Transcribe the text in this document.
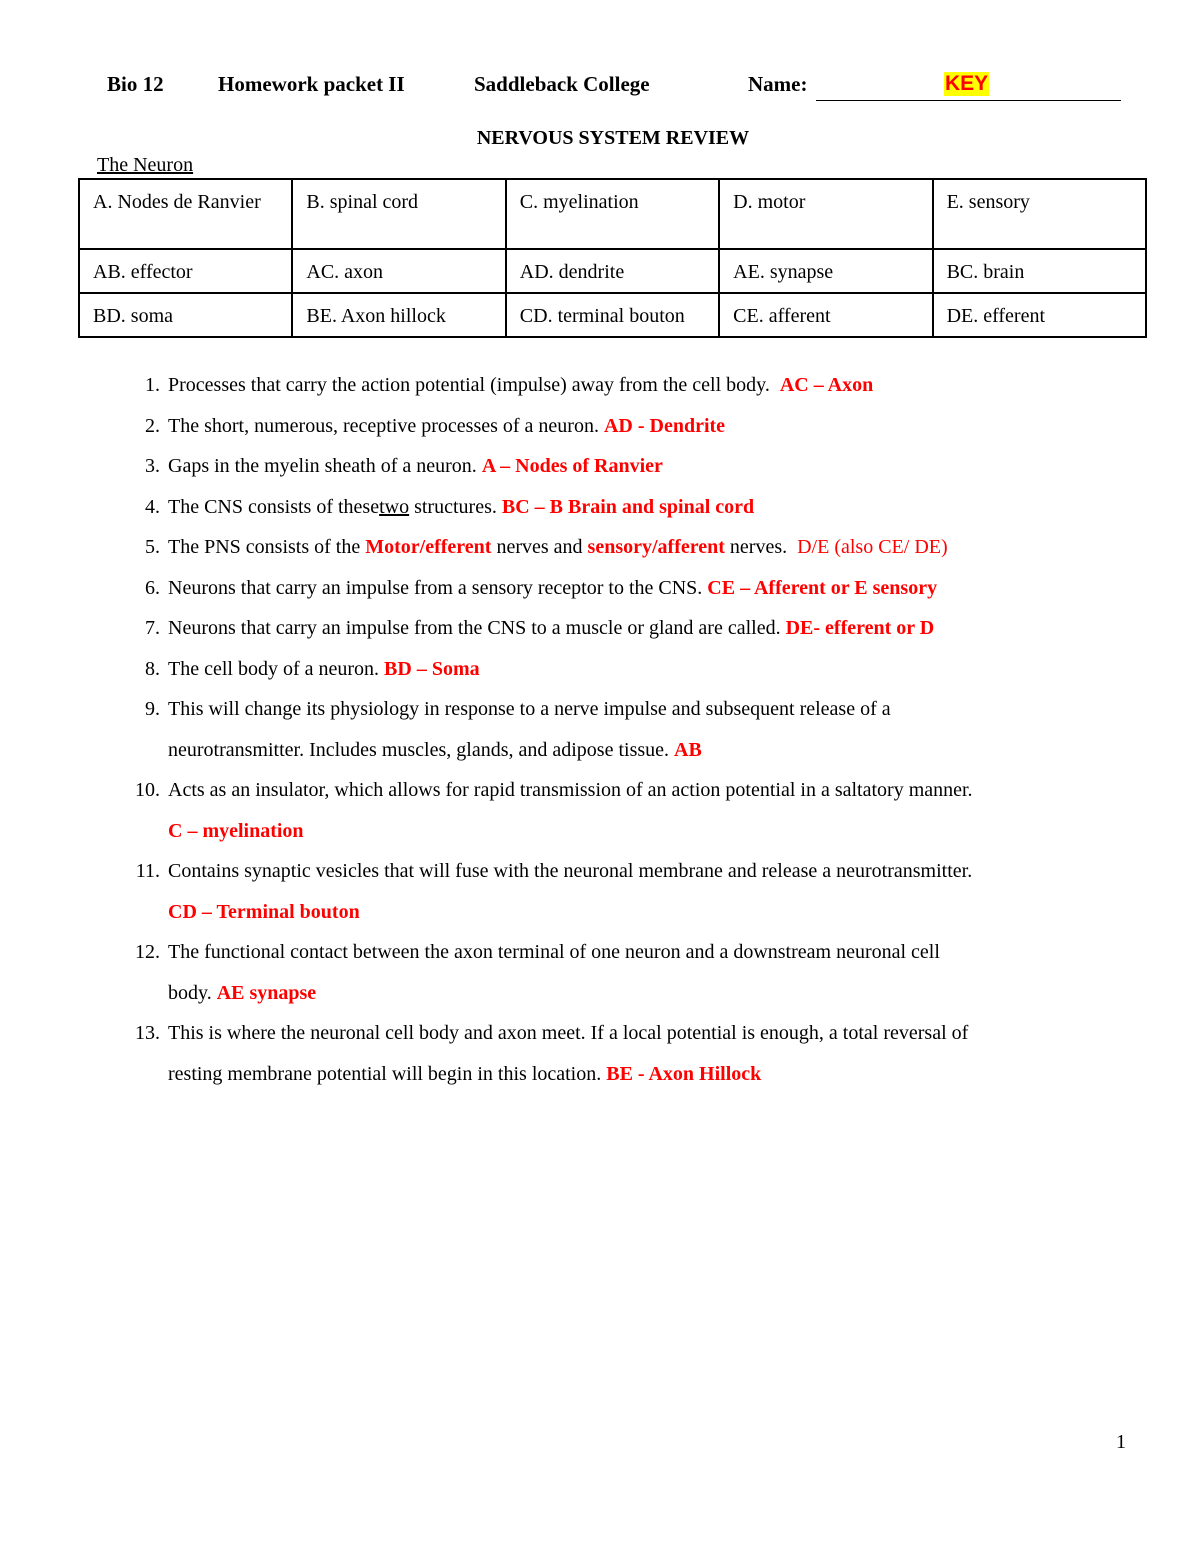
Bio 12	Homework packet II	Saddleback College	Name:	KEY
NERVOUS SYSTEM REVIEW
The Neuron
A. Nodes de Ranvier	B. spinal cord	C. myelination	D. motor	E. sensory
AB. effector	AC. axon	AD. dendrite	AE. synapse	BC. brain
BD. soma	BE. Axon hillock	CD. terminal bouton	CE. afferent	DE. efferent
1. Processes that carry the action potential (impulse) away from the cell body. AC – Axon
2. The short, numerous, receptive processes of a neuron. AD - Dendrite
3. Gaps in the myelin sheath of a neuron. A – Nodes of Ranvier
4. The CNS consists of thesetwo structures. BC – B Brain and spinal cord
5. The PNS consists of the Motor/efferent nerves and sensory/afferent nerves. D/E (also CE/ DE)
6. Neurons that carry an impulse from a sensory receptor to the CNS. CE – Afferent or E sensory
7. Neurons that carry an impulse from the CNS to a muscle or gland are called. DE- efferent or D
8. The cell body of a neuron. BD – Soma
9. This will change its physiology in response to a nerve impulse and subsequent release of a
neurotransmitter. Includes muscles, glands, and adipose tissue. AB
10. Acts as an insulator, which allows for rapid transmission of an action potential in a saltatory manner.
C – myelination
11. Contains synaptic vesicles that will fuse with the neuronal membrane and release a neurotransmitter.
CD – Terminal bouton
12. The functional contact between the axon terminal of one neuron and a downstream neuronal cell
body. AE synapse
13. This is where the neuronal cell body and axon meet. If a local potential is enough, a total reversal of
resting membrane potential will begin in this location. BE - Axon Hillock
1
